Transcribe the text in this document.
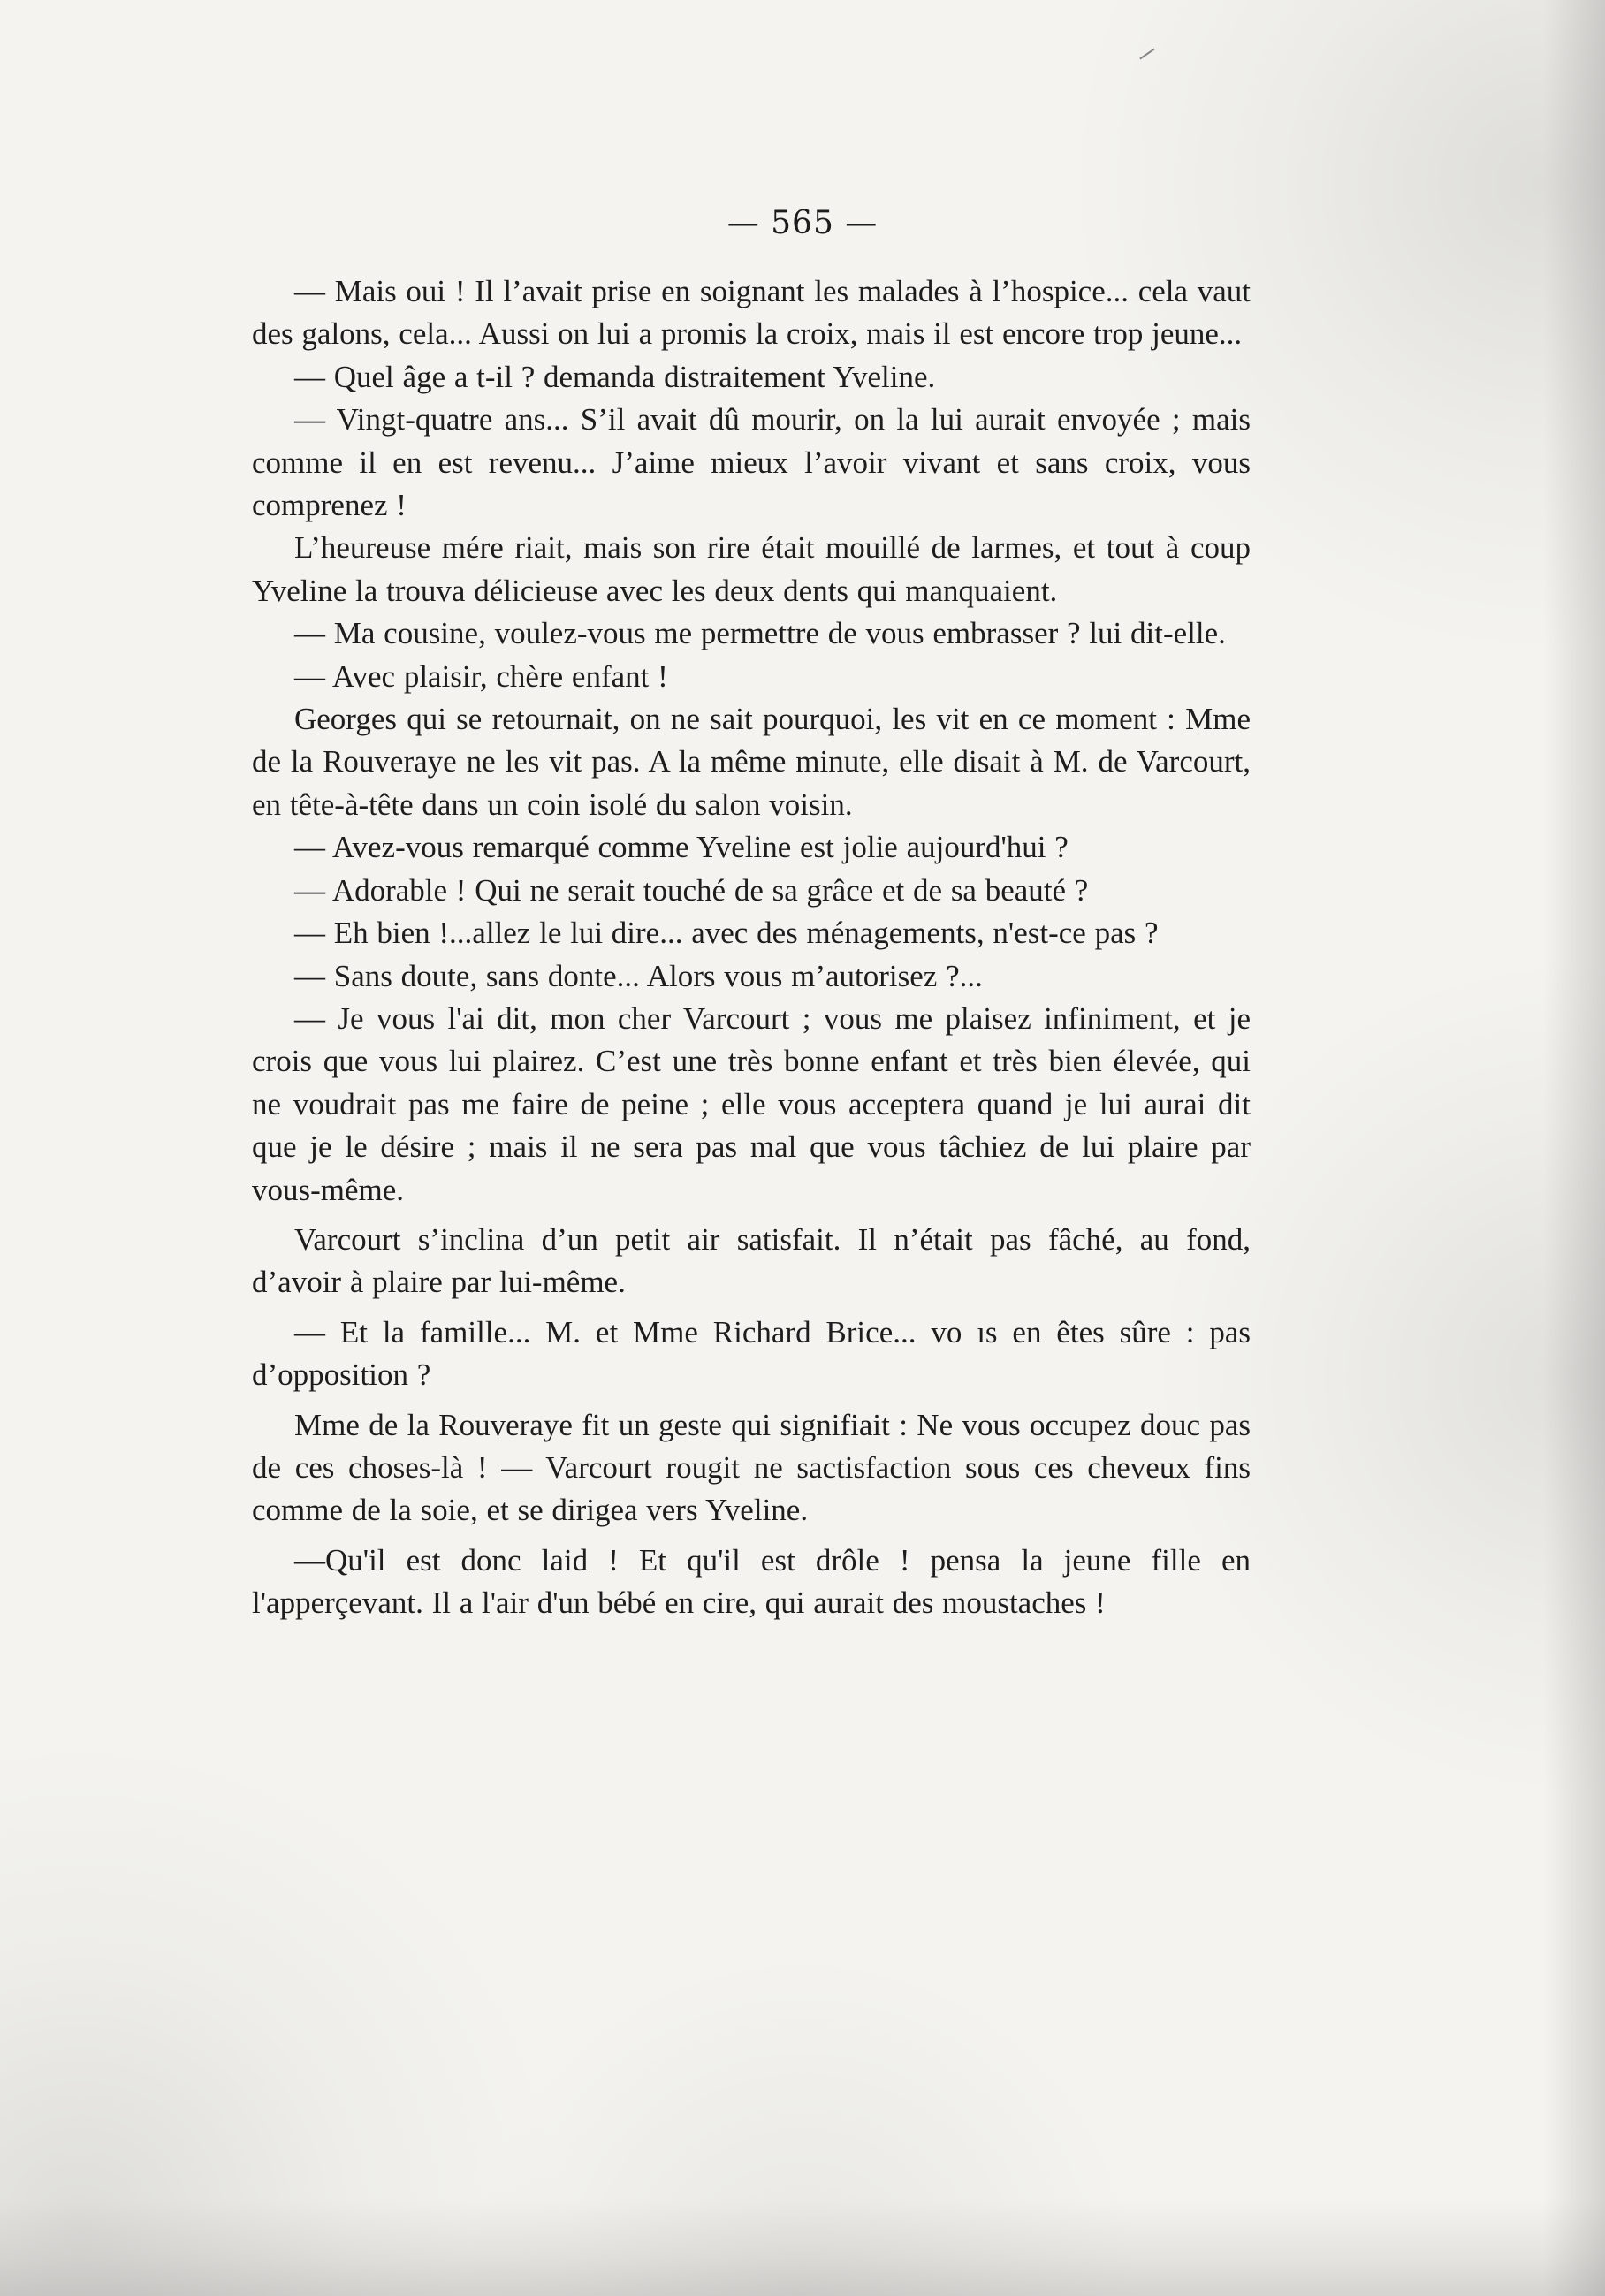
— 565 —

— Mais oui ! Il l’avait prise en soignant les malades à l’hospice... cela vaut des galons, cela... Aussi on lui a promis la croix, mais il est encore trop jeune...

— Quel âge a t-il ? demanda distraitement Yveline.

— Vingt-quatre ans... S’il avait dû mourir, on la lui aurait envoyée ; mais comme il en est revenu... J’aime mieux l’avoir vivant et sans croix, vous comprenez !

L’heureuse mére riait, mais son rire était mouillé de larmes, et tout à coup Yveline la trouva délicieuse avec les deux dents qui manquaient.

— Ma cousine, voulez-vous me permettre de vous embrasser ? lui dit-elle.

— Avec plaisir, chère enfant !

Georges qui se retournait, on ne sait pourquoi, les vit en ce moment : Mme de la Rouveraye ne les vit pas. A la même minute, elle disait à M. de Varcourt, en tête-à-tête dans un coin isolé du salon voisin.

— Avez-vous remarqué comme Yveline est jolie aujourd'hui ?

— Adorable ! Qui ne serait touché de sa grâce et de sa beauté ?

— Eh bien !...allez le lui dire... avec des ménagements, n'est-ce pas ?

— Sans doute, sans donte... Alors vous m’autorisez ?...

— Je vous l'ai dit, mon cher Varcourt ; vous me plaisez infiniment, et je crois que vous lui plairez. C’est une très bonne enfant et très bien élevée, qui ne voudrait pas me faire de peine ; elle vous acceptera quand je lui aurai dit que je le désire ; mais il ne sera pas mal que vous tâchiez de lui plaire par vous-même.

Varcourt s’inclina d’un petit air satisfait. Il n’était pas fâché, au fond, d’avoir à plaire par lui-même.

— Et la famille... M. et Mme Richard Brice... vo ıs en êtes sûre : pas d’opposition ?

Mme de la Rouveraye fit un geste qui signifiait : Ne vous occupez douc pas de ces choses-là ! — Varcourt rougit ne sactisfaction sous ces cheveux fins comme de la soie, et se dirigea vers Yveline.

—Qu'il est donc laid ! Et qu'il est drôle ! pensa la jeune fille en l'apperçevant. Il a l'air d'un bébé en cire, qui aurait des moustaches !
